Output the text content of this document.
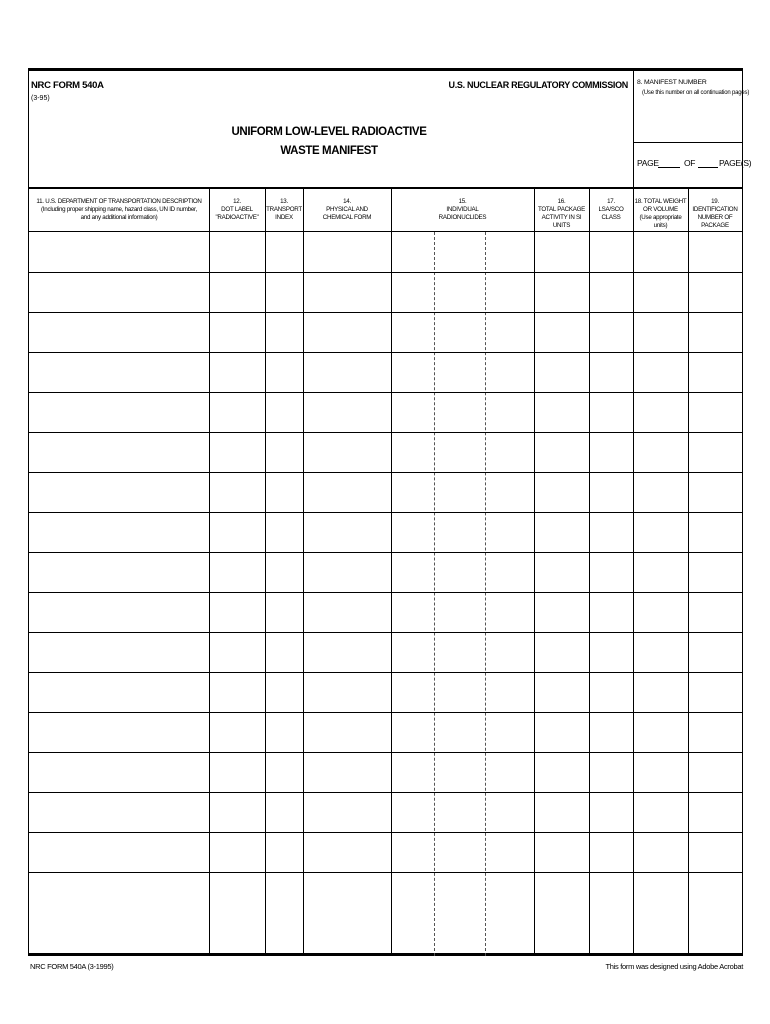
NRC FORM 540A
(3-95)
U.S. NUCLEAR REGULATORY COMMISSION
UNIFORM LOW-LEVEL RADIOACTIVE
WASTE MANIFEST
8. MANIFEST NUMBER
(Use this number on all continuation pages)
PAGE	OF	PAGE(S)
11. U.S. DEPARTMENT OF TRANSPORTATION DESCRIPTION
(Including proper shipping name, hazard class, UN ID number,
and any additional information)
12.
DOT LABEL
"RADIOACTIVE"
13.
TRANSPORT
INDEX
14.
PHYSICAL AND
CHEMICAL FORM
15.
INDIVIDUAL
RADIONUCLIDES
16.
TOTAL PACKAGE
ACTIVITY IN SI UNITS
17.
LSA/SCO
CLASS
18. TOTAL WEIGHT
OR VOLUME
(Use appropriate units)
19. IDENTIFICATION
NUMBER OF
PACKAGE
NRC FORM 540A (3-1995)	This form was designed using Adobe Acrobat
